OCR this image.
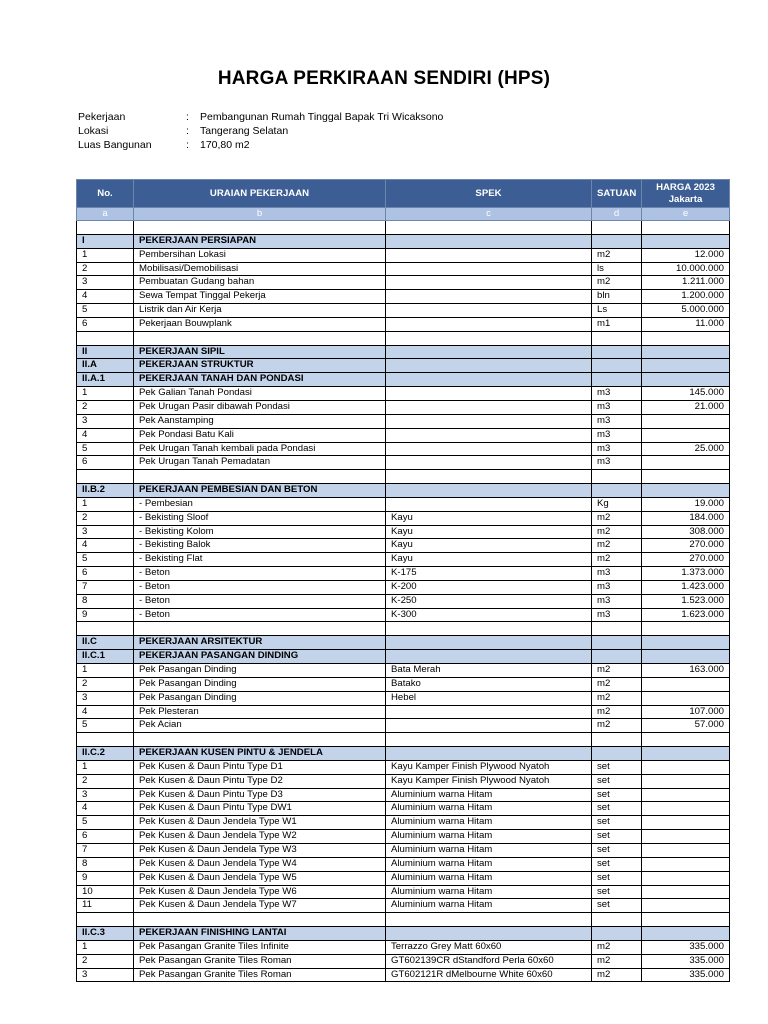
HARGA PERKIRAAN SENDIRI (HPS)
Pekerjaan	: Pembangunan Rumah Tinggal Bapak Tri Wicaksono
Lokasi	: Tangerang Selatan
Luas Bangunan	: 170,80 m2
No.	URAIAN PEKERJAAN	SPEK	SATUAN	HARGA 2023
Jakarta

a	b	c	d	e

I	PEKERJAAN PERSIAPAN			
1	Pembersihan Lokasi		m2	12.000
2	Mobilisasi/Demobilisasi		ls	10.000.000
3	Pembuatan Gudang bahan		m2	1.211.000
4	Sewa Tempat Tinggal Pekerja		bln	1.200.000
5	Listrik dan Air Kerja		Ls	5.000.000
6	Pekerjaan Bouwplank		m1	11.000

II	PEKERJAAN SIPIL			
II.A	PEKERJAAN STRUKTUR			
II.A.1	PEKERJAAN TANAH DAN PONDASI			
1	Pek Galian Tanah Pondasi		m3	145.000
2	Pek Urugan Pasir dibawah Pondasi		m3	21.000
3	Pek Aanstamping		m3	
4	Pek Pondasi Batu Kali		m3	
5	Pek Urugan Tanah kembali pada Pondasi		m3	25.000
6	Pek Urugan Tanah Pemadatan		m3	

II.B.2	PEKERJAAN PEMBESIAN DAN BETON			
1	- Pembesian		Kg	19.000
2	- Bekisting Sloof	Kayu	m2	184.000
3	- Bekisting Kolom	Kayu	m2	308.000
4	- Bekisting Balok	Kayu	m2	270.000
5	- Bekisting Flat	Kayu	m2	270.000
6	- Beton	K-175	m3	1.373.000
7	- Beton	K-200	m3	1.423.000
8	- Beton	K-250	m3	1.523.000
9	- Beton	K-300	m3	1.623.000

II.C	PEKERJAAN ARSITEKTUR			
II.C.1	PEKERJAAN PASANGAN DINDING			
1	Pek Pasangan Dinding	Bata Merah	m2	163.000
2	Pek Pasangan Dinding	Batako	m2	
3	Pek Pasangan Dinding	Hebel	m2	
4	Pek Plesteran		m2	107.000
5	Pek Acian		m2	57.000

II.C.2	PEKERJAAN KUSEN PINTU & JENDELA			
1	Pek Kusen & Daun Pintu Type D1	Kayu Kamper Finish Plywood Nyatoh	set	
2	Pek Kusen & Daun Pintu Type D2	Kayu Kamper Finish Plywood Nyatoh	set	
3	Pek Kusen & Daun Pintu Type D3	Aluminium warna Hitam	set	
4	Pek Kusen & Daun Pintu Type DW1	Aluminium warna Hitam	set	
5	Pek Kusen & Daun Jendela Type W1	Aluminium warna Hitam	set	
6	Pek Kusen & Daun Jendela Type W2	Aluminium warna Hitam	set	
7	Pek Kusen & Daun Jendela Type W3	Aluminium warna Hitam	set	
8	Pek Kusen & Daun Jendela Type W4	Aluminium warna Hitam	set	
9	Pek Kusen & Daun Jendela Type W5	Aluminium warna Hitam	set	
10	Pek Kusen & Daun Jendela Type W6	Aluminium warna Hitam	set	
11	Pek Kusen & Daun Jendela Type W7	Aluminium warna Hitam	set	

II.C.3	PEKERJAAN FINISHING LANTAI			
1	Pek Pasangan Granite Tiles Infinite	Terrazzo Grey Matt 60x60	m2	335.000
2	Pek Pasangan Granite Tiles Roman	GT602139CR dStandford Perla 60x60	m2	335.000
3	Pek Pasangan Granite Tiles Roman	GT602121R dMelbourne White 60x60	m2	335.000
